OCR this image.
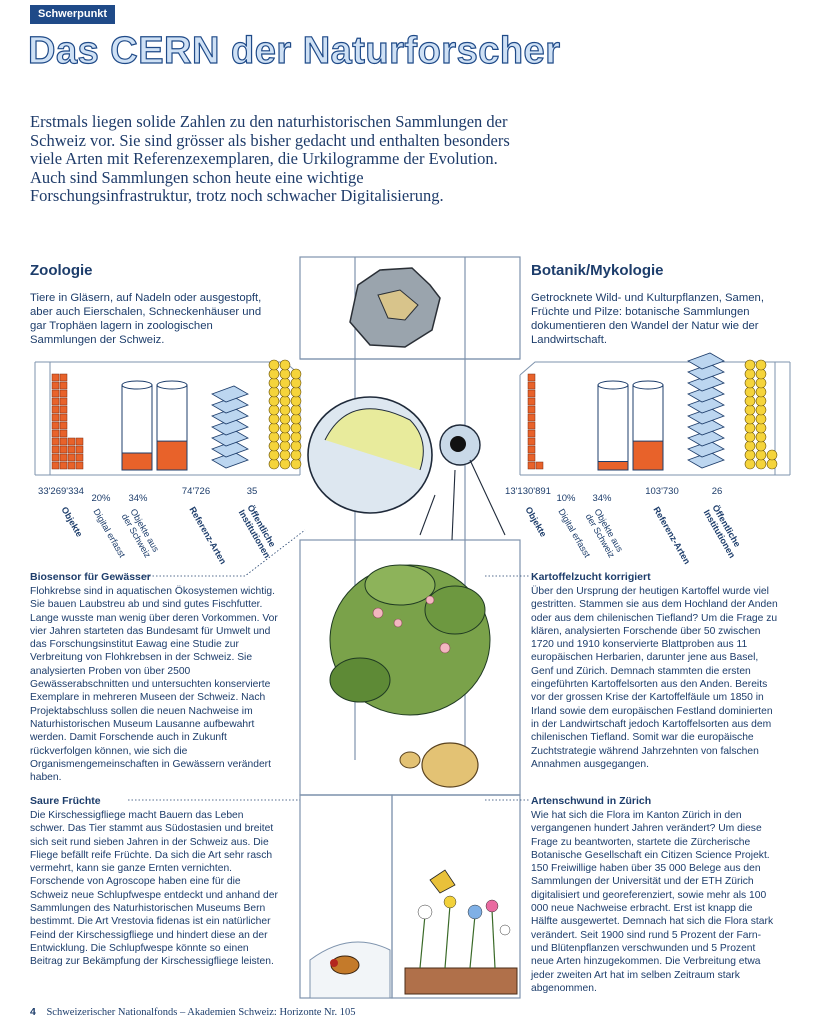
Schwerpunkt
Das CERN der Naturforscher
Erstmals liegen solide Zahlen zu den naturhistorischen Sammlungen der Schweiz vor. Sie sind grösser als bisher gedacht und enthalten besonders viele Arten mit Referenzexemplaren, die Urkilogramme der Evolution. Auch sind Sammlungen schon heute eine wichtige Forschungsinfrastruktur, trotz noch schwacher Digitalisierung.
Zoologie
Tiere in Gläsern, auf Nadeln oder ausgestopft, aber auch Eierschalen, Schneckenhäuser und gar Trophäen lagern in zoologischen Sammlungen der Schweiz.
33'269'334
20%	34%
74'726	35
Objekte Digital erfasst Objekte aus der Schweiz	Referenz-Arten	Öffentliche Institutionen
Botanik/Mykologie
Getrocknete Wild- und Kulturpflanzen, Samen, Früchte und Pilze: botanische Sammlungen dokumentieren den Wandel der Natur wie der Landwirtschaft.
13'130'891
10%	34%
103'730	26
Objekte Digital erfasst Objekte aus der Schweiz	Referenz-Arten	Öffentliche Institutionen
Biosensor für Gewässer
Flohkrebse sind in aquatischen Ökosystemen wichtig. Sie bauen Laubstreu ab und sind gutes Fischfutter. Lange wusste man wenig über deren Vorkommen. Vor vier Jahren starteten das Bundesamt für Umwelt und das Forschungsinstitut Eawag eine Studie zur Verbreitung von Flohkrebsen in der Schweiz. Sie analysierten Proben von über 2500 Gewässerabschnitten und untersuchten konservierte Exemplare in mehreren Museen der Schweiz. Nach Projektabschluss sollen die neuen Nachweise im Naturhistorischen Museum Lausanne aufbewahrt werden. Damit Forschende auch in Zukunft rückverfolgen können, wie sich die Organismengemeinschaften in Gewässern verändert haben.
Saure Früchte
Die Kirschessigfliege macht Bauern das Leben schwer. Das Tier stammt aus Südostasien und breitet sich seit rund sieben Jahren in der Schweiz aus. Die Fliege befällt reife Früchte. Da sich die Art sehr rasch vermehrt, kann sie ganze Ernten vernichten. Forschende von Agroscope haben eine für die Schweiz neue Schlupfwespe entdeckt und anhand der Sammlungen des Naturhistorischen Museums Bern bestimmt. Die Art Vrestovia fidenas ist ein natürlicher Feind der Kirschessigfliege und hindert diese an der Entwicklung. Die Schlupfwespe könnte so einen Beitrag zur Bekämpfung der Kirschessigfliege leisten.
Kartoffelzucht korrigiert
Über den Ursprung der heutigen Kartoffel wurde viel gestritten. Stammen sie aus dem Hochland der Anden oder aus dem chilenischen Tiefland? Um die Frage zu klären, analysierten Forschende über 50 zwischen 1720 und 1910 konservierte Blattproben aus 11 europäischen Herbarien, darunter jene aus Basel, Genf und Zürich. Demnach stammten die ersten eingeführten Kartoffelsorten aus den Anden. Bereits vor der grossen Krise der Kartoffelfäule um 1850 in Irland sowie dem europäischen Festland dominierten in der Landwirtschaft jedoch Kartoffelsorten aus dem chilenischen Tiefland. Somit war die europäische Zuchtstrategie während Jahrzehnten von falschen Annahmen ausgegangen.
Artenschwund in Zürich
Wie hat sich die Flora im Kanton Zürich in den vergangenen hundert Jahren verändert? Um diese Frage zu beantworten, startete die Zürcherische Botanische Gesellschaft ein Citizen Science Projekt. 150 Freiwillige haben über 35 000 Belege aus den Sammlungen der Universität und der ETH Zürich digitalisiert und georeferenziert, sowie mehr als 100 000 neue Nachweise erbracht. Erst ist knapp die Hälfte ausgewertet. Demnach hat sich die Flora stark verändert. Seit 1900 sind rund 5 Prozent der Farn- und Blütenpflanzen verschwunden und 5 Prozent neue Arten hinzugekommen. Die Verbreitung etwa jeder zweiten Art hat im selben Zeitraum stark abgenommen.
4 Schweizerischer Nationalfonds – Akademien Schweiz: Horizonte Nr. 105
